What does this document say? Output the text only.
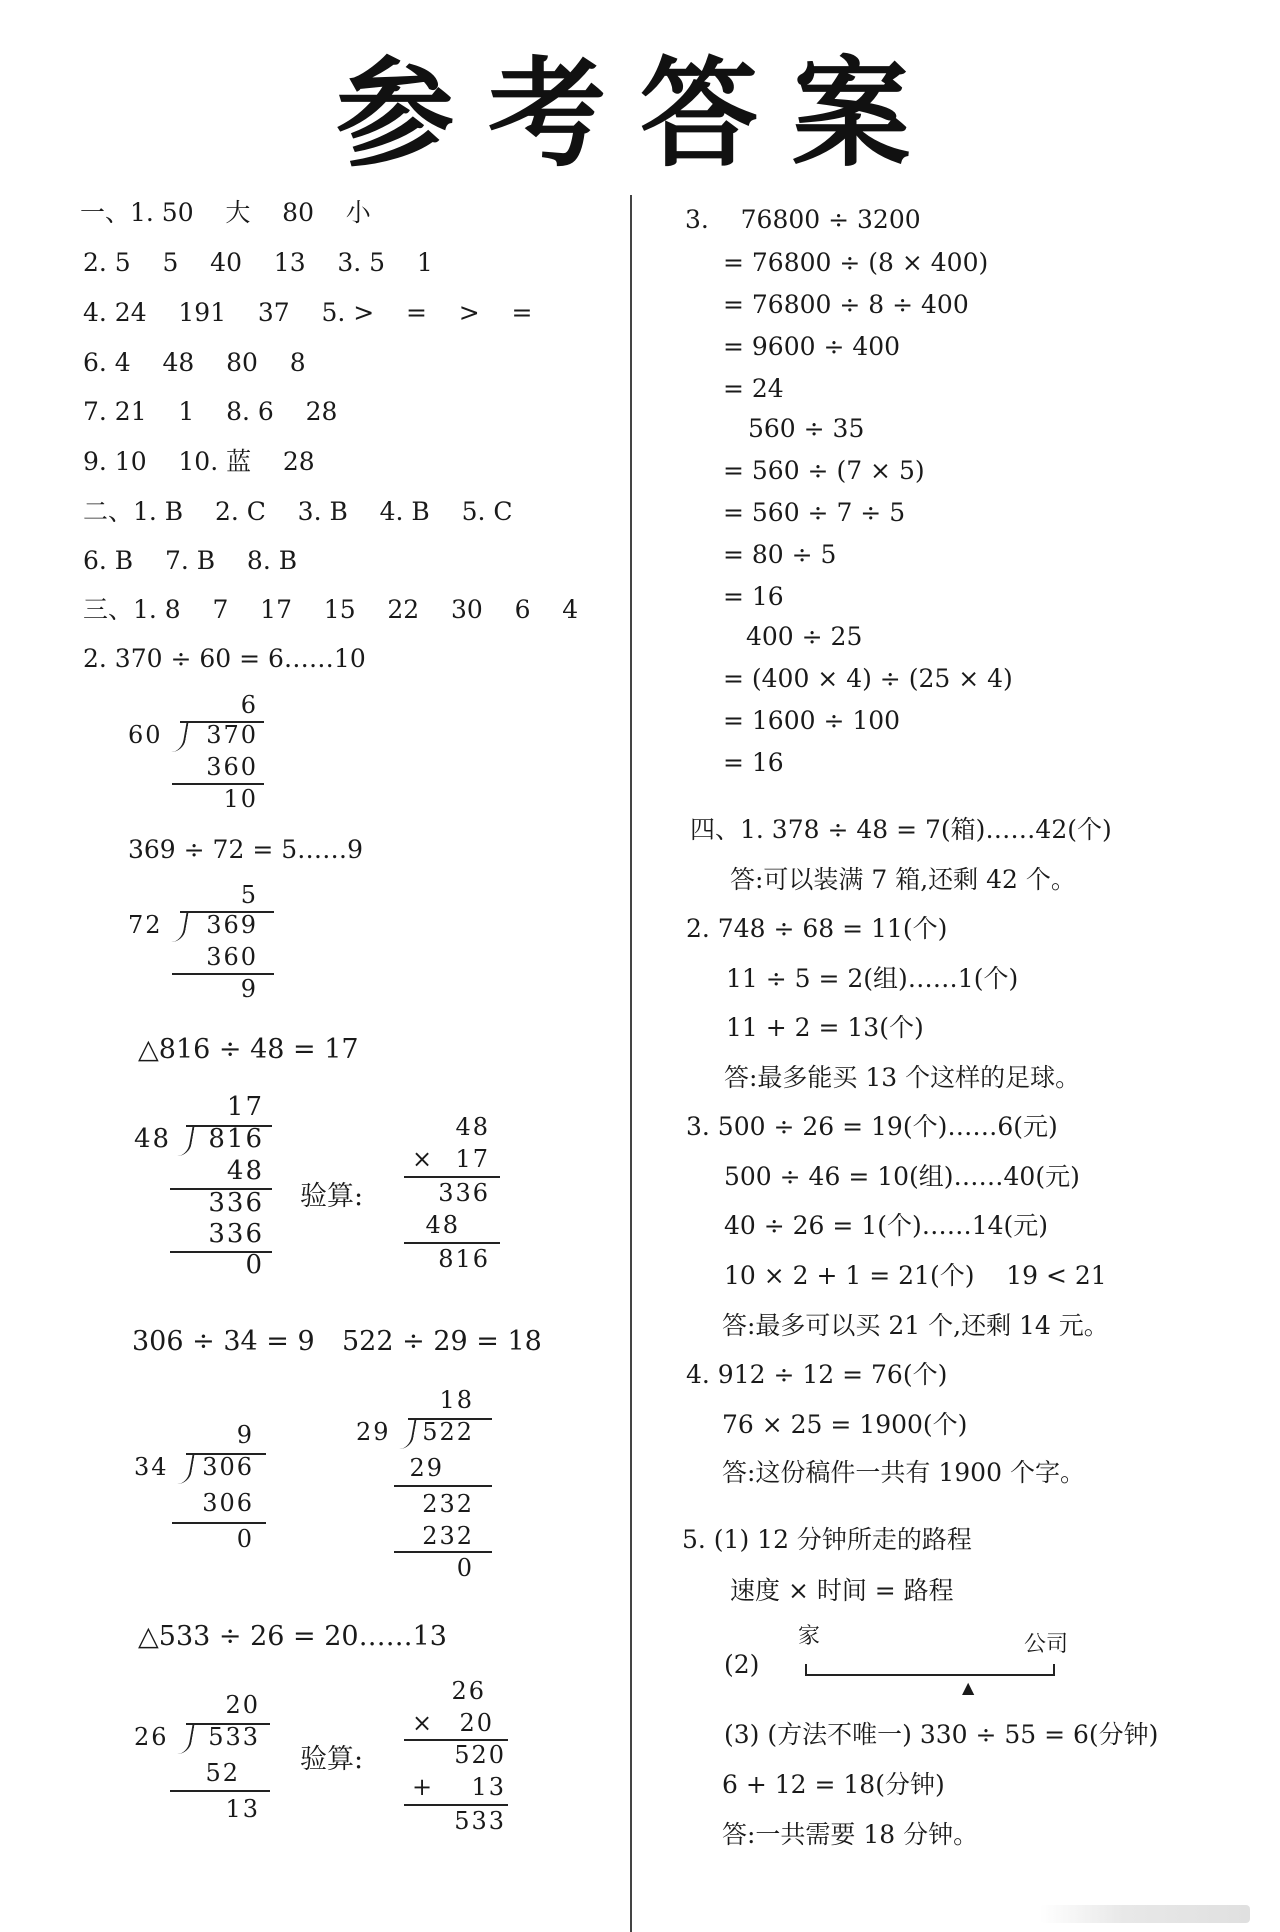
参考答案
一、1. 50    大    80    小
2. 5    5    40    13    3. 5    1
4. 24    191    37    5. >    =    >    =
6. 4    48    80    8
7. 21    1    8. 6    28
9. 10    10. 蓝    28
二、1. B    2. C    3. B    4. B    5. C
6. B    7. B    8. B
三、1. 8    7    17    15    22    30    6    4
2. 370 ÷ 60 = 6……10
6
60 370
360
10
369 ÷ 72 = 5……9
5
72 369
360
9
△816 ÷ 48 = 17
17
48 816
48
336
336
0
验算:
48
× 17
336
48
816
306 ÷ 34 = 9 522 ÷ 29 = 18
9
34 306
306
0
18
29 522
29
232
232
0
△533 ÷ 26 = 20……13
20
26 533
52
13
验算:
26
× 20
520
+ 13
533
3.    76800 ÷ 3200
= 76800 ÷ (8 × 400)
= 76800 ÷ 8 ÷ 400
= 9600 ÷ 400
= 24
560 ÷ 35
= 560 ÷ (7 × 5)
= 560 ÷ 7 ÷ 5
= 80 ÷ 5
= 16
400 ÷ 25
= (400 × 4) ÷ (25 × 4)
= 1600 ÷ 100
= 16
四、1. 378 ÷ 48 = 7(箱)……42(个)
答:可以装满 7 箱,还剩 42 个。
2. 748 ÷ 68 = 11(个)
11 ÷ 5 = 2(组)……1(个)
11 + 2 = 13(个)
答:最多能买 13 个这样的足球。
3. 500 ÷ 26 = 19(个)……6(元)
500 ÷ 46 = 10(组)……40(元)
40 ÷ 26 = 1(个)……14(元)
10 × 2 + 1 = 21(个)    19 < 21
答:最多可以买 21 个,还剩 14 元。
4. 912 ÷ 12 = 76(个)
76 × 25 = 1900(个)
答:这份稿件一共有 1900 个字。
5. (1) 12 分钟所走的路程
速度 × 时间 = 路程
(2)
家	公司
▲
(3) (方法不唯一) 330 ÷ 55 = 6(分钟)
6 + 12 = 18(分钟)
答:一共需要 18 分钟。
